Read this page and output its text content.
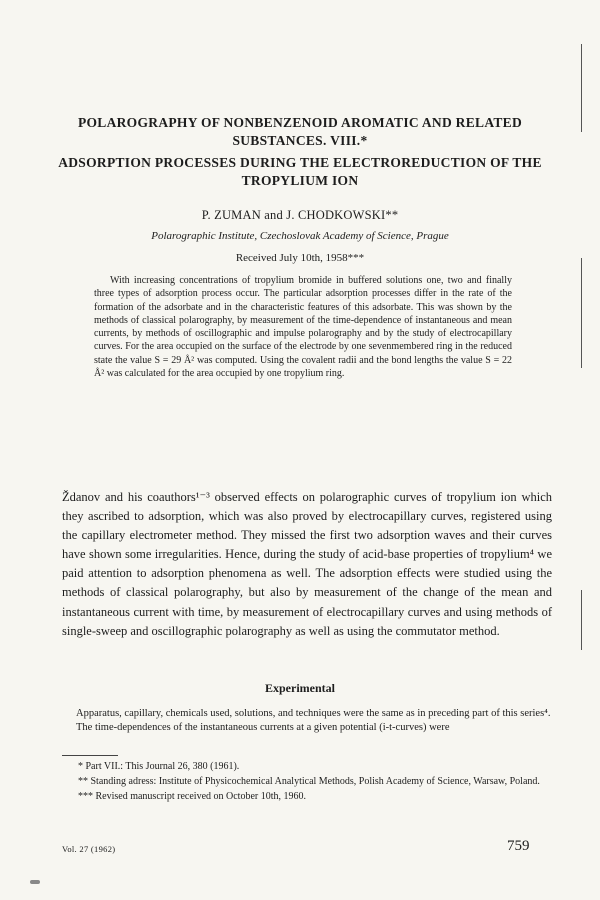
POLAROGRAPHY OF NONBENZENOID AROMATIC AND RELATED
SUBSTANCES. VIII.*
ADSORPTION PROCESSES DURING THE ELECTROREDUCTION OF THE
TROPYLIUM ION
P. ZUMAN and J. CHODKOWSKI**
Polarographic Institute, Czechoslovak Academy of Science, Prague
Received July 10th, 1958***
With increasing concentrations of tropylium bromide in buffered solutions one, two and finally three types of adsorption process occur. The particular adsorption processes differ in the rate of the formation of the adsorbate and in the characteristic features of this adsorbate. This was shown by the methods of classical polarography, by measurement of the time-dependence of instantaneous and mean currents, by methods of oscillographic and impulse polarography and by the study of electrocapillary curves. For the area occupied on the surface of the electrode by one sevenmembered ring in the reduced state the value S = 29 Å² was computed. Using the covalent radii and the bond lengths the value S = 22 Å² was calculated for the area occupied by one tropylium ring.
Ždanov and his coauthors¹⁻³ observed effects on polarographic curves of tropylium ion which they ascribed to adsorption, which was also proved by electrocapillary curves, registered using the capillary electrometer method. They missed the first two adsorption waves and their curves have shown some irregularities. Hence, during the study of acid-base properties of tropylium⁴ we paid attention to adsorption phenomena as well. The adsorption effects were studied using the methods of classical polarography, but also by measurement of the change of the mean and instantaneous current with time, by measurement of electrocapillary curves and using methods of single-sweep and oscillographic polarography as well as using the commutator method.
Experimental

Apparatus, capillary, chemicals used, solutions, and techniques were the same as in preceding part of this series⁴.

The time-dependences of the instantaneous currents at a given potential (i-t-curves) were

* Part VII.: This Journal 26, 380 (1961).

** Standing adress: Institute of Physicochemical Analytical Methods, Polish Academy of Science, Warsaw, Poland.

*** Revised manuscript received on October 10th, 1960.

Vol. 27 (1962)	759
